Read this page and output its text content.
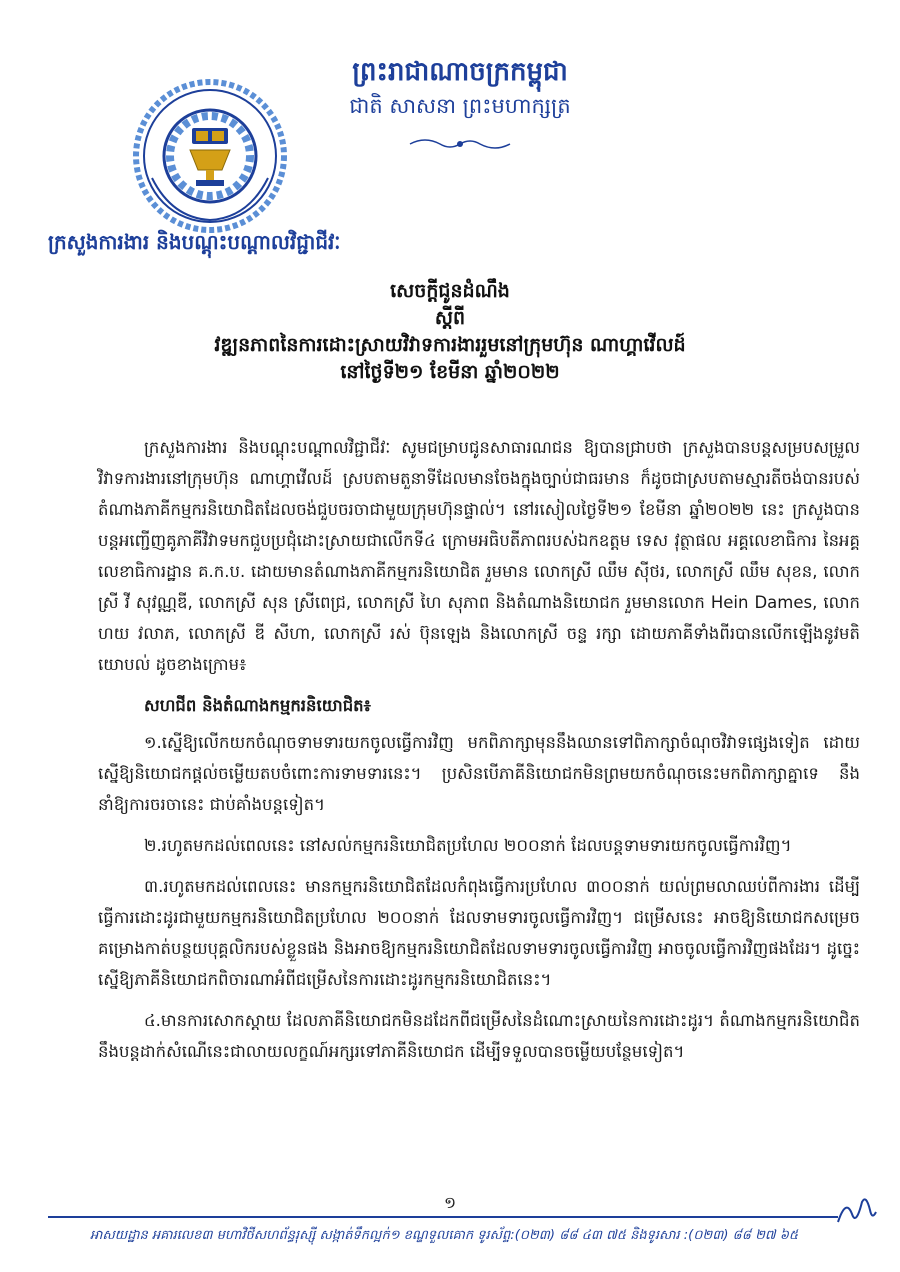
ព្រះរាជាណាចក្រកម្ពុជា
ជាតិ សាសនា ព្រះមហាក្សត្រ
ក្រសួងការងារ និងបណ្តុះបណ្តាលវិជ្ជាជីវៈ
សេចក្តីជូនដំណឹង
ស្តីពី
វឌ្ឍនភាពនៃការដោះស្រាយវិវាទការងាររួមនៅក្រុមហ៊ុន ណាហ្គាវើលដ៍
នៅថ្ងៃទី២១ ខែមីនា ឆ្នាំ២០២២

ក្រសួងការងារ និងបណ្តុះបណ្តាលវិជ្ជាជីវៈ សូមជម្រាបជូនសាធារណជន ឱ្យបានជ្រាបថា ក្រសួងបានបន្តសម្របសម្រួលវិវាទការងារនៅក្រុមហ៊ុន ណាហ្គាវើលដ៍ ស្របតាមតួនាទីដែលមានចែងក្នុងច្បាប់ជាធរមាន ក៏ដូចជាស្របតាមស្មារតីចង់បានរបស់តំណាងភាគីកម្មករនិយោជិតដែលចង់ជួបចរចាជាមួយក្រុមហ៊ុនផ្ទាល់។ នៅរសៀលថ្ងៃទី២១ ខែមីនា ឆ្នាំ២០២២ នេះ ក្រសួងបានបន្តអញ្ជើញគូភាគីវិវាទមកជួបប្រជុំដោះស្រាយជាលើកទី៤ ក្រោមអធិបតីភាពរបស់ឯកឧត្តម ទេស វុត្ថាផល អគ្គលេខាធិការ នៃអគ្គលេខាធិការដ្ឋាន គ.ក.ប. ដោយមានតំណាងភាគីកម្មករនិយោជិត រួមមាន លោកស្រី ឈឹម ស៊ីថរ, លោកស្រី ឈឹម សុខន, លោកស្រី វី សុវណ្ណឌី, លោកស្រី សុន ស្រីពេជ្រ, លោកស្រី ហៃ សុភាព និងតំណាងនិយោជក រួមមានលោក Hein Dames, លោក ហយ វលាភ, លោកស្រី ឌី សីហា, លោកស្រី រស់ ប៊ុនឡេង និងលោកស្រី ចន្ទ រក្សា ដោយភាគីទាំងពីរបានលើកឡើងនូវមតិយោបល់ ដូចខាងក្រោម៖

សហជីព និងតំណាងកម្មករនិយោជិត៖

១.ស្នើឱ្យលើកយកចំណុចទាមទារយកចូលធ្វើការវិញ មកពិភាក្សាមុននឹងឈានទៅពិភាក្សាចំណុចវិវាទផ្សេងទៀត ដោយស្នើឱ្យនិយោជកផ្តល់ចម្លើយតបចំពោះការទាមទារនេះ។ ប្រសិនបើភាគីនិយោជកមិនព្រមយកចំណុចនេះមកពិភាក្សាគ្នាទេ នឹងនាំឱ្យការចរចានេះ ជាប់គាំងបន្តទៀត។

២.រហូតមកដល់ពេលនេះ នៅសល់កម្មករនិយោជិតប្រហែល ២០០នាក់ ដែលបន្តទាមទារយកចូលធ្វើការវិញ។

៣.រហូតមកដល់ពេលនេះ មានកម្មករនិយោជិតដែលកំពុងធ្វើការប្រហែល ៣០០នាក់ យល់ព្រមលាឈប់ពីការងារ ដើម្បីធ្វើការដោះដូរជាមួយកម្មករនិយោជិតប្រហែល ២០០នាក់ ដែលទាមទារចូលធ្វើការវិញ។ ជម្រើសនេះ អាចឱ្យនិយោជកសម្រេចគម្រោងកាត់បន្ថយបុគ្គលិករបស់ខ្លួនផង និងអាចឱ្យកម្មករនិយោជិតដែលទាមទារចូលធ្វើការវិញ អាចចូលធ្វើការវិញផងដែរ។ ដូច្នេះ ស្នើឱ្យភាគីនិយោជកពិចារណាអំពីជម្រើសនៃការដោះដូរកម្មករនិយោជិតនេះ។

៤.មានការសោកស្តាយ ដែលភាគីនិយោជកមិនដដែកពីជម្រើសនៃដំណោះស្រាយនៃការដោះដូរ។ តំណាងកម្មករនិយោជិត នឹងបន្តដាក់សំណើនេះជាលាយលក្ខណ៍អក្សរទៅភាគីនិយោជក ដើម្បីទទួលបានចម្លើយបន្ថែមទៀត។

១
អាសយដ្ឋាន អគារលេខ៣ មហាវិថីសហព័ន្ធរុស្ស៊ី សង្កាត់ទឹកល្អក់១ ខណ្ឌទួលគោក ទូរស័ព្ទ:(០២៣) ៨៨ ៤៣ ៧៥ និងទូរសារ :(០២៣) ៨៨ ២៧ ៦៥
